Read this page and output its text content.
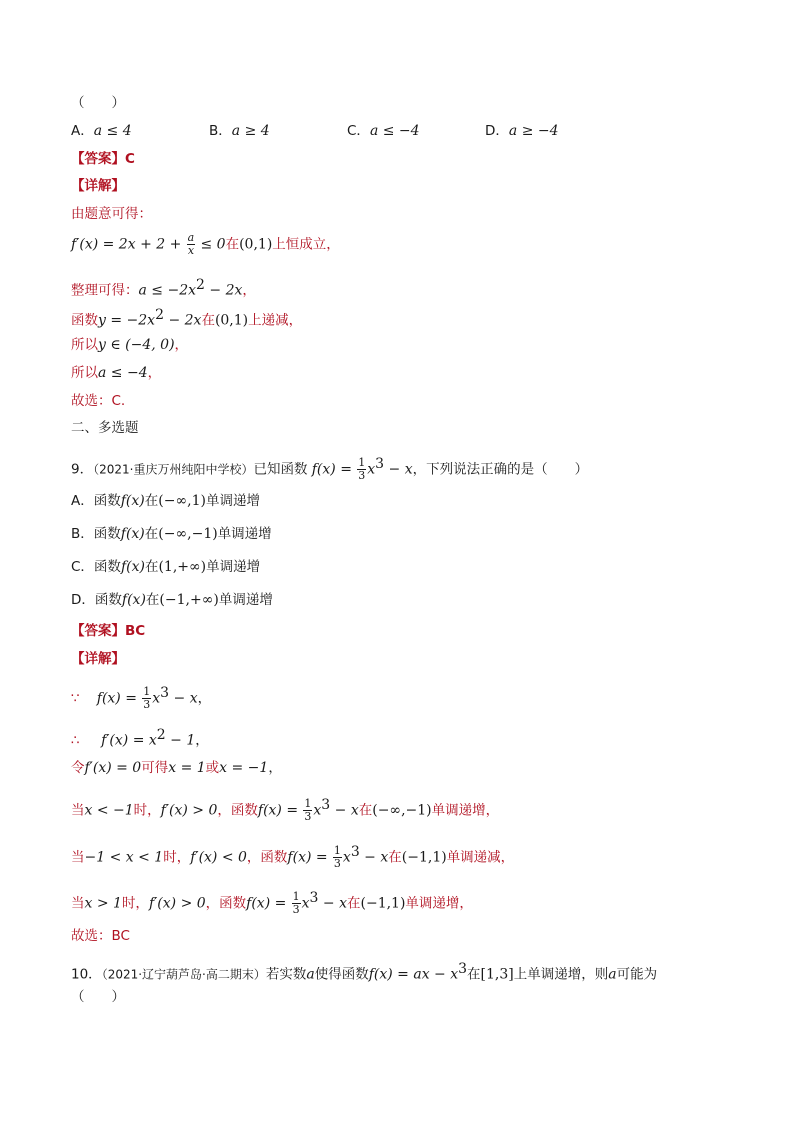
（　　）
A．a ≤ 4	B．a ≥ 4	C．a ≤ −4	D．a ≥ −4
【答案】C
【详解】
由题意可得：
$f'(x) = 2x + 2 + \frac{a}{x} \le 0$在(0,1)上恒成立，
整理可得：$a \le -2x^2 - 2x$，
函数$y = -2x^2 - 2x$在(0,1)上递减，
所以y ∈ (−4, 0)，
所以a ≤ −4，
故选：C.
二、多选题
9．（2021·重庆万州纯阳中学校）已知函数 $f(x) = \frac{1}{3} x^3 - x$，下列说法正确的是（　　）
A．函数f(x)在(−∞,1)单调递增
B．函数f(x)在(−∞,−1)单调递增
C．函数f(x)在(1,+∞)单调递增
D．函数f(x)在(−1,+∞)单调递增
【答案】BC
【详解】
∵ $f(x) = \frac{1}{3} x^3 - x$，
∴ $f'(x) = x^2 - 1$，
令f′(x) = 0可得x = 1或x = −1，
当x < −1时，f′(x) > 0，函数$f(x) = \frac{1}{3} x^3 - x$在(−∞,−1)单调递增，
当−1 < x < 1时，f′(x) < 0，函数$f(x) = \frac{1}{3} x^3 - x$在(−1,1)单调递减，
当x > 1时，f′(x) > 0，函数$f(x) = \frac{1}{3} x^3 - x$在(−1,1)单调递增，
故选：BC
10．（2021·辽宁葫芦岛·高二期末）若实数a使得函数f(x) = ax − $x^3$在[1,3]上单调递增，则a可能为
（　　）
